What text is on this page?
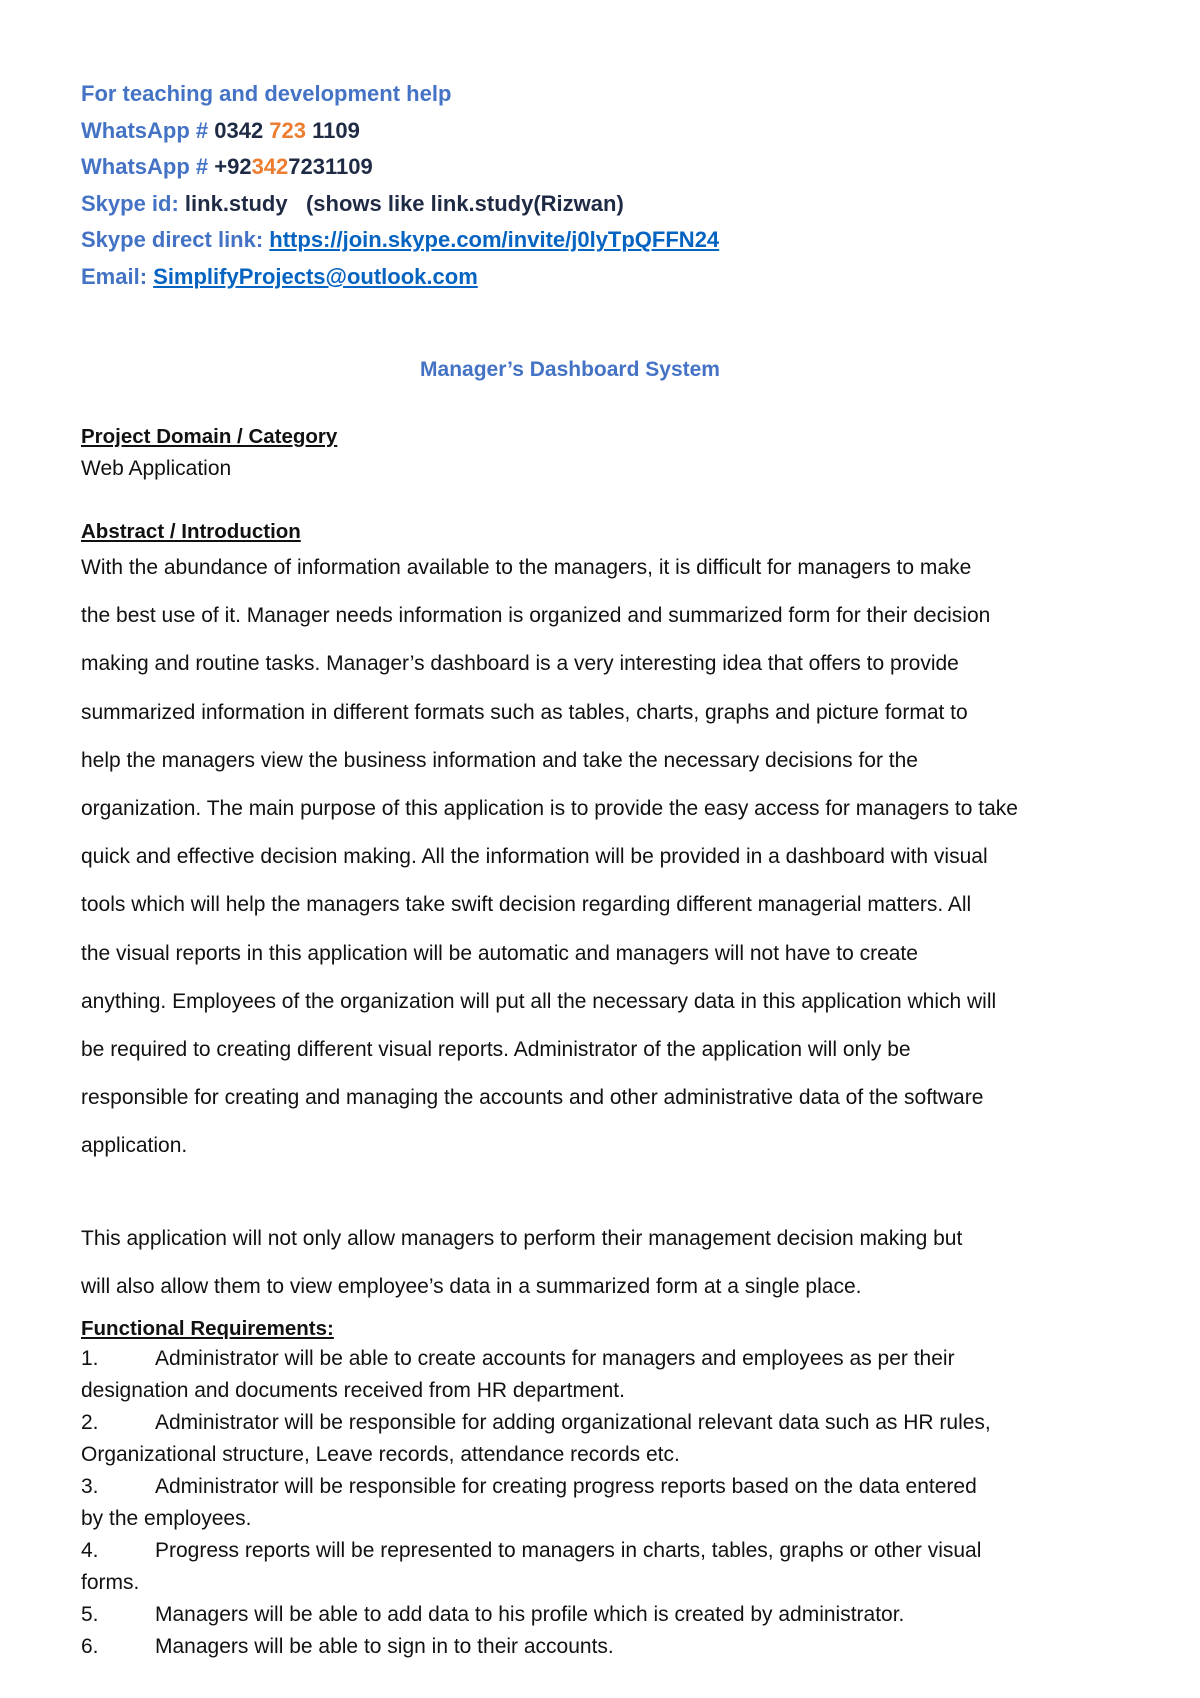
For teaching and development help
WhatsApp # 0342 723 1109
WhatsApp # +923427231109
Skype id: link.study   (shows like link.study(Rizwan)
Skype direct link: https://join.skype.com/invite/j0lyTpQFFN24
Email: SimplifyProjects@outlook.com
Manager’s Dashboard System
Project Domain / Category
Web Application
Abstract / Introduction
With the abundance of information available to the managers, it is difficult for managers to make
the best use of it. Manager needs information is organized and summarized form for their decision
making and routine tasks. Manager’s dashboard is a very interesting idea that offers to provide
summarized information in different formats such as tables, charts, graphs and picture format to
help the managers view the business information and take the necessary decisions for the
organization. The main purpose of this application is to provide the easy access for managers to take
quick and effective decision making. All the information will be provided in a dashboard with visual
tools which will help the managers take swift decision regarding different managerial matters. All
the visual reports in this application will be automatic and managers will not have to create
anything. Employees of the organization will put all the necessary data in this application which will
be required to creating different visual reports. Administrator of the application will only be
responsible for creating and managing the accounts and other administrative data of the software
application.
This application will not only allow managers to perform their management decision making but
will also allow them to view employee’s data in a summarized form at a single place.
Functional Requirements:
1.	Administrator will be able to create accounts for managers and employees as per their
designation and documents received from HR department.
2.	Administrator will be responsible for adding organizational relevant data such as HR rules,
Organizational structure, Leave records, attendance records etc.
3.	Administrator will be responsible for creating progress reports based on the data entered
by the employees.
4.	Progress reports will be represented to managers in charts, tables, graphs or other visual
forms.
5.	Managers will be able to add data to his profile which is created by administrator.
6.	Managers will be able to sign in to their accounts.
